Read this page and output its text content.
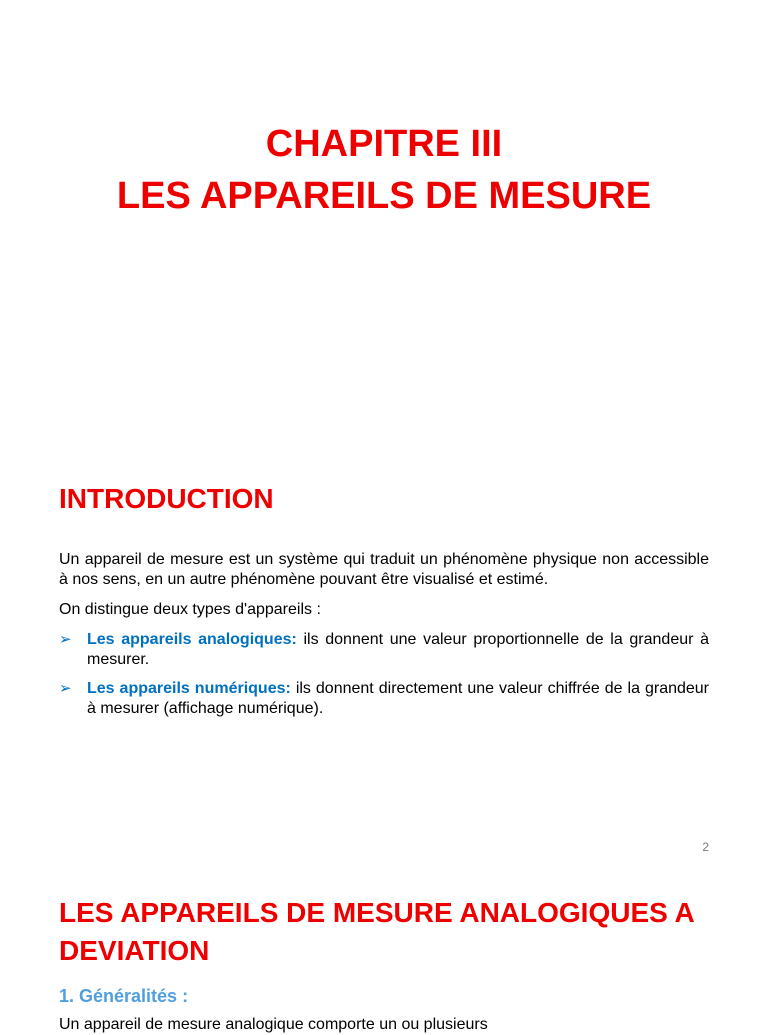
CHAPITRE III
LES APPAREILS DE MESURE
INTRODUCTION
Un appareil de mesure est un système qui traduit un phénomène physique non accessible à nos sens, en un autre phénomène pouvant être visualisé et estimé.
On distingue deux types d'appareils :
➢ Les appareils analogiques: ils donnent une valeur proportionnelle de la grandeur à mesurer.
➢ Les appareils numériques: ils donnent directement une valeur chiffrée de la grandeur à mesurer (affichage numérique).
2
LES APPAREILS DE MESURE ANALOGIQUES A DEVIATION
1. Généralités :
Un appareil de mesure analogique comporte un ou plusieurs
